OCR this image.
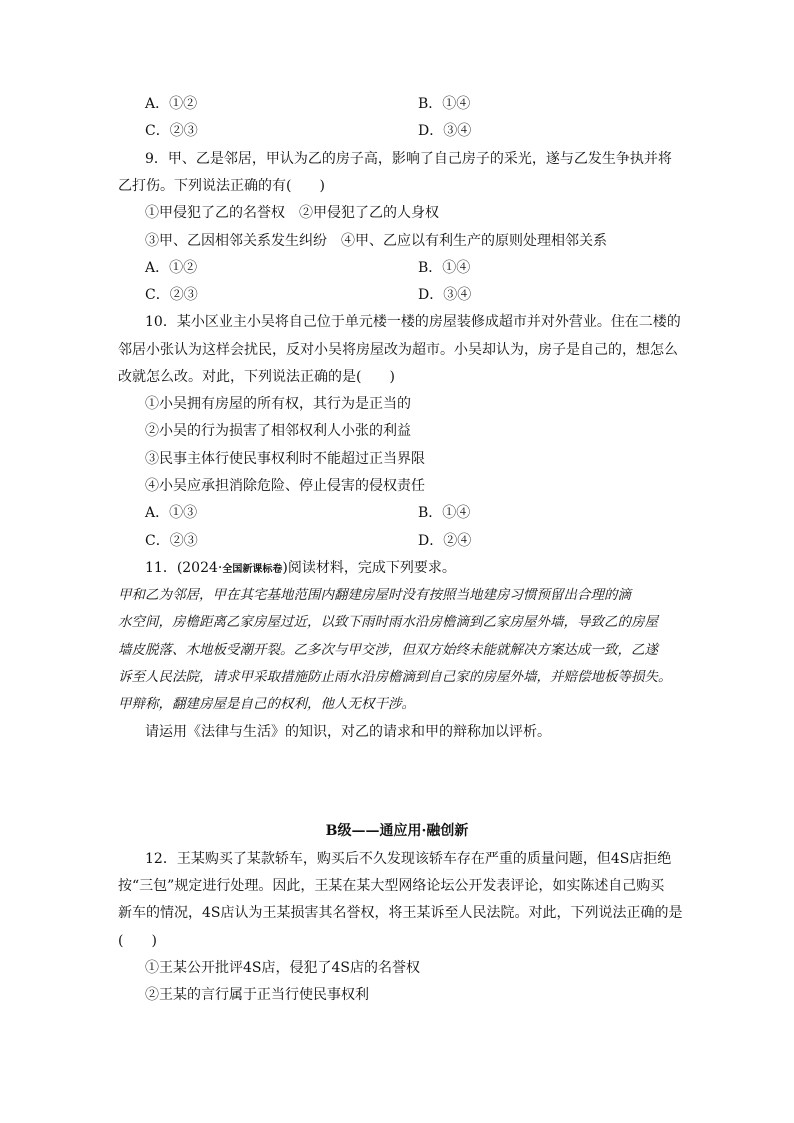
A．①②	B．①④
C．②③	D．③④
9．甲、乙是邻居，甲认为乙的房子高，影响了自己房子的采光，遂与乙发生争执并将
乙打伤。下列说法正确的有(　　)
①甲侵犯了乙的名誉权　②甲侵犯了乙的人身权
③甲、乙因相邻关系发生纠纷　④甲、乙应以有利生产的原则处理相邻关系
A．①②	B．①④
C．②③	D．③④
10．某小区业主小吴将自己位于单元楼一楼的房屋装修成超市并对外营业。住在二楼的
邻居小张认为这样会扰民，反对小吴将房屋改为超市。小吴却认为，房子是自己的，想怎么
改就怎么改。对此，下列说法正确的是(　　)
①小吴拥有房屋的所有权，其行为是正当的
②小吴的行为损害了相邻权利人小张的利益
③民事主体行使民事权利时不能超过正当界限
④小吴应承担消除危险、停止侵害的侵权责任
A．①③	B．①④
C．②③	D．②④
11．(2024·全国新课标卷)阅读材料，完成下列要求。
甲和乙为邻居，甲在其宅基地范围内翻建房屋时没有按照当地建房习惯预留出合理的滴
水空间，房檐距离乙家房屋过近，以致下雨时雨水沿房檐滴到乙家房屋外墙，导致乙的房屋
墙皮脱落、木地板受潮开裂。乙多次与甲交涉，但双方始终未能就解决方案达成一致，乙遂
诉至人民法院，请求甲采取措施防止雨水沿房檐滴到自己家的房屋外墙，并赔偿地板等损失。
甲辩称，翻建房屋是自己的权利，他人无权干涉。
请运用《法律与生活》的知识，对乙的请求和甲的辩称加以评析。
B级——通应用·融创新
12．王某购买了某款轿车，购买后不久发现该轿车存在严重的质量问题，但4S店拒绝
按“三包”规定进行处理。因此，王某在某大型网络论坛公开发表评论，如实陈述自己购买
新车的情况，4S店认为王某损害其名誉权，将王某诉至人民法院。对此，下列说法正确的是
(　　)
①王某公开批评4S店，侵犯了4S店的名誉权
②王某的言行属于正当行使民事权利
